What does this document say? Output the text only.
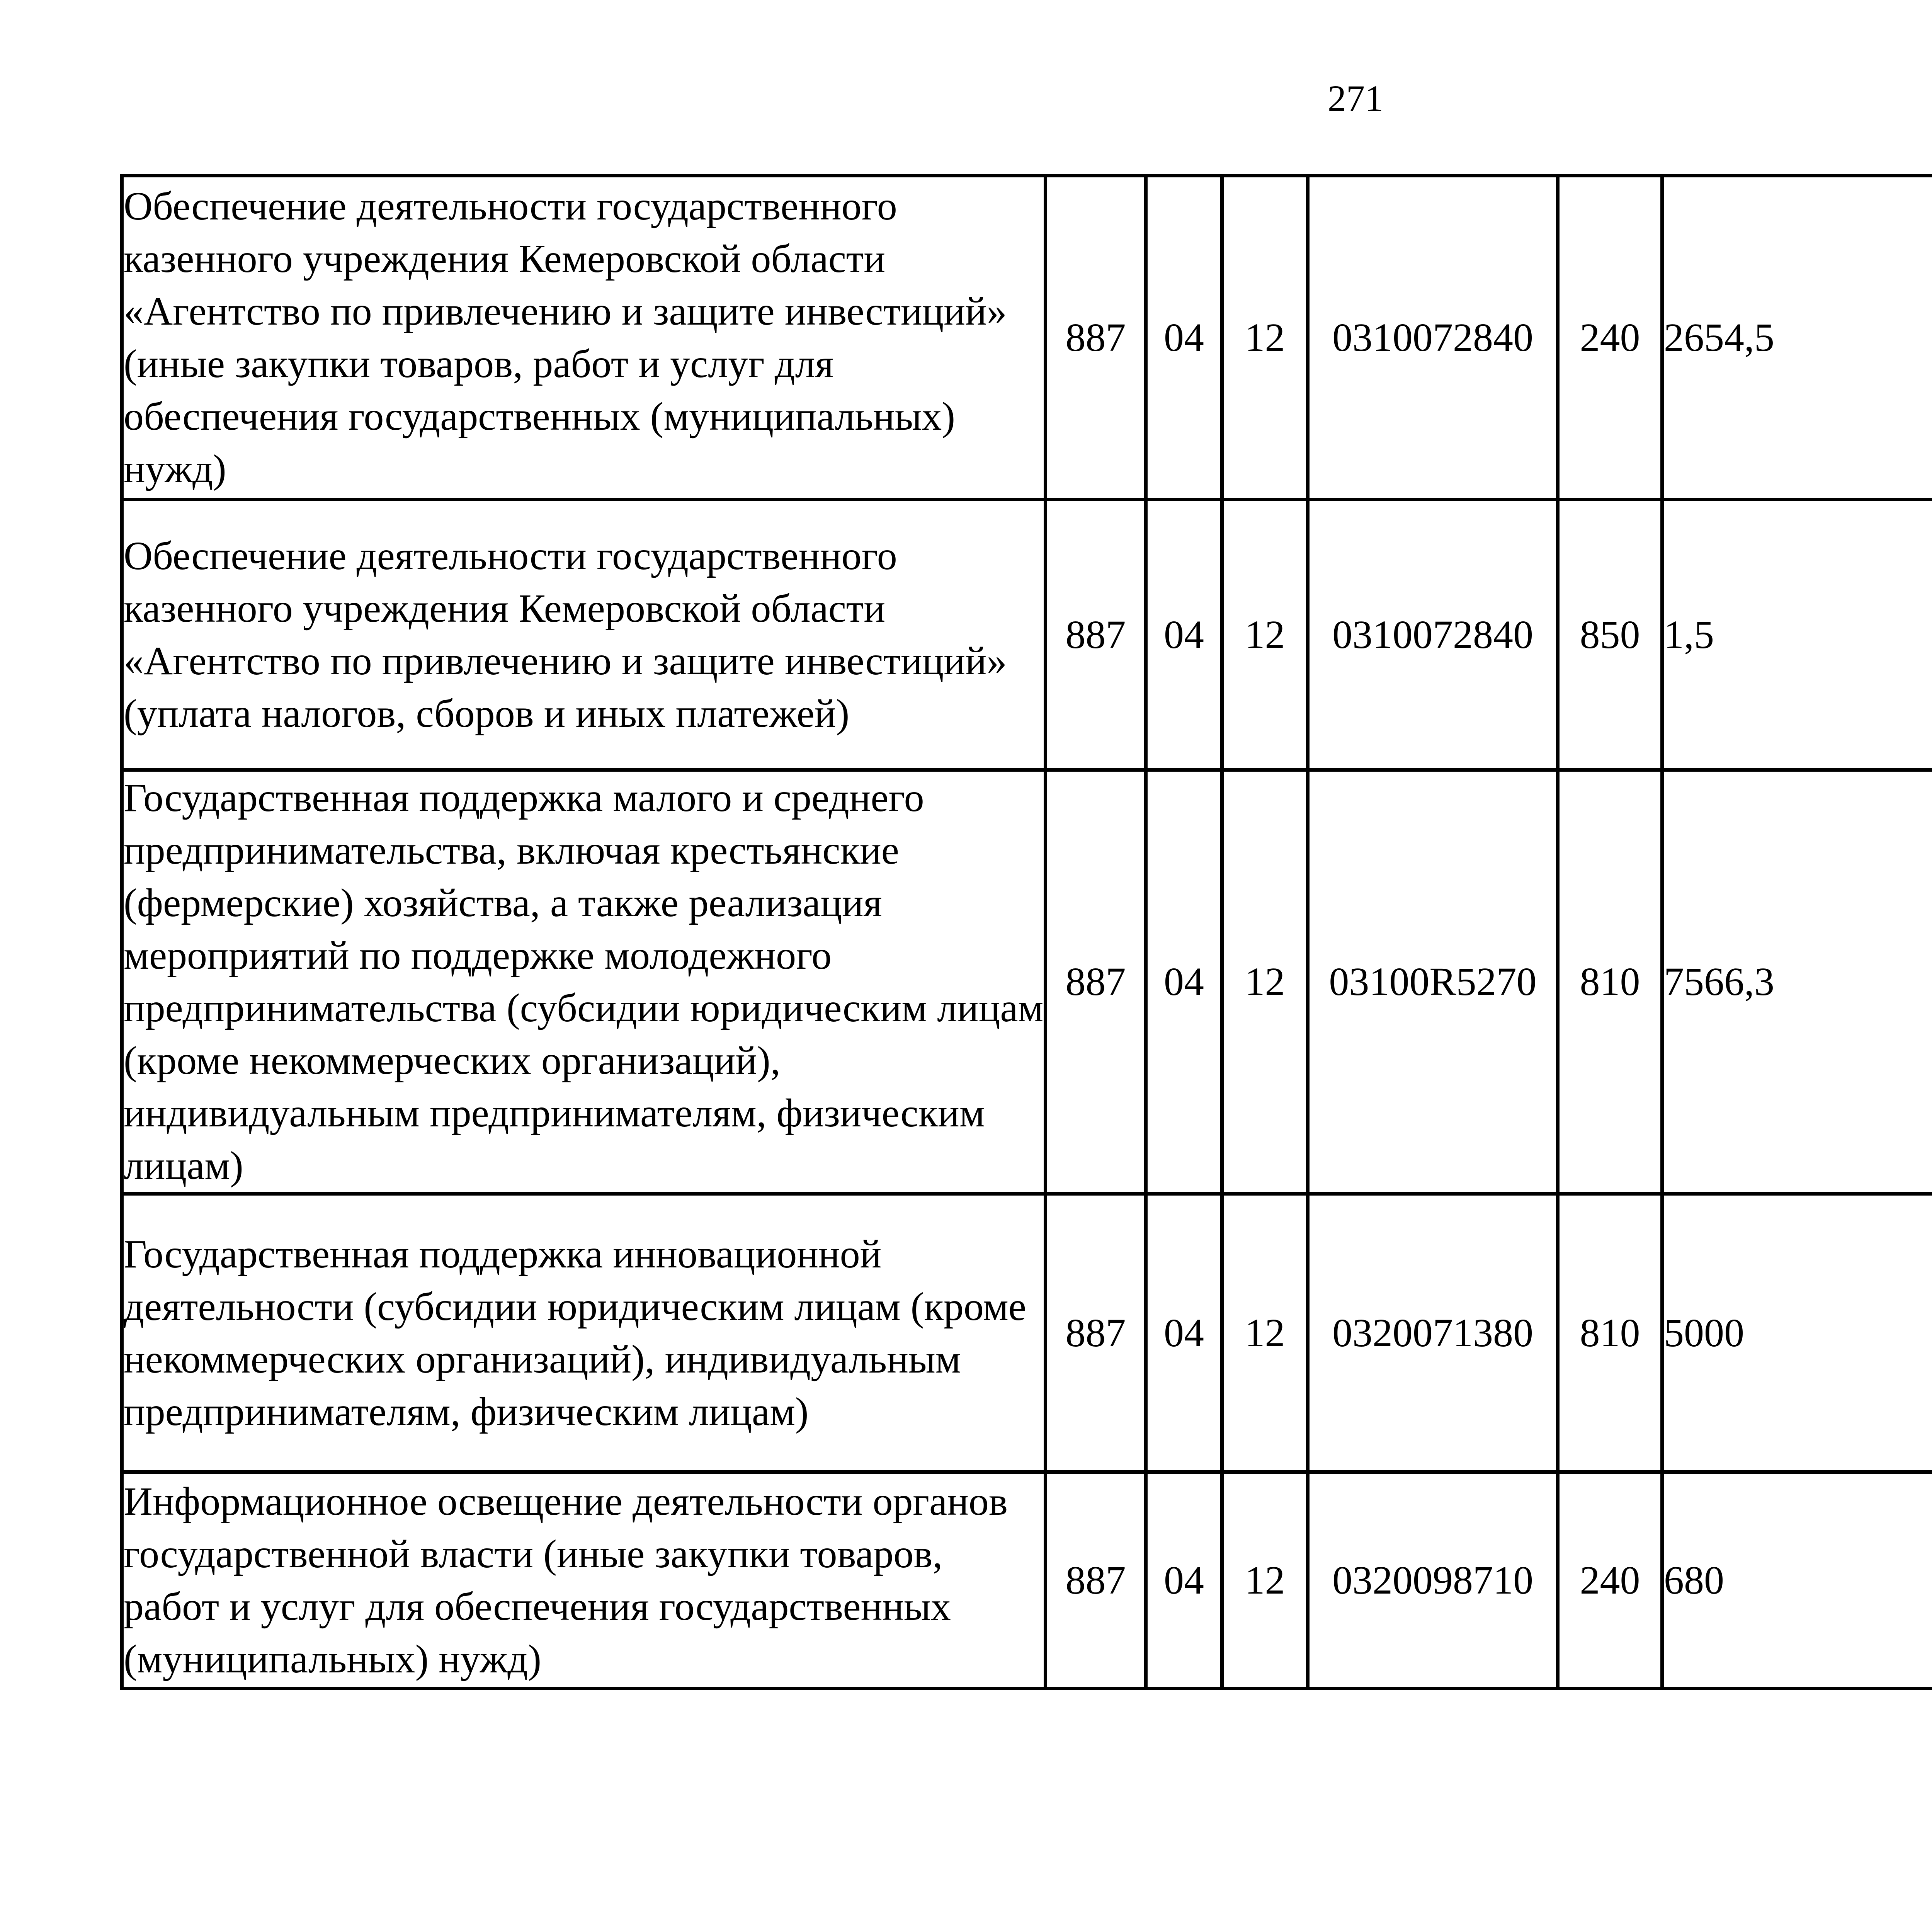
271
Обеспечение деятельности государственного казенного учреждения Кемеровской области «Агентство по привлечению и защите инвестиций» (иные закупки товаров, работ и услуг для обеспечения государственных (муниципальных) нужд)	887	04	12	0310072840	240	2654,5		
Обеспечение деятельности государственного казенного учреждения Кемеровской области «Агентство по привлечению и защите инвестиций» (уплата налогов, сборов и иных платежей)	887	04	12	0310072840	850	1,5		
Государственная поддержка малого и среднего предпринимательства, включая крестьянские (фермерские) хозяйства, а также реализация мероприятий по поддержке молодежного предпринимательства (субсидии юридическим лицам (кроме некоммерческих организаций), индивидуальным предпринимателям, физическим лицам)	887	04	12	03100R5270	810	7566,3		
Государственная поддержка инновационной деятельности (субсидии юридическим лицам (кроме некоммерческих организаций), индивидуальным предпринимателям, физическим лицам)	887	04	12	0320071380	810	5000		
Информационное освещение деятельности органов государственной власти (иные закупки товаров, работ и услуг для обеспечения государственных (муниципальных) нужд)	887	04	12	0320098710	240	680		
